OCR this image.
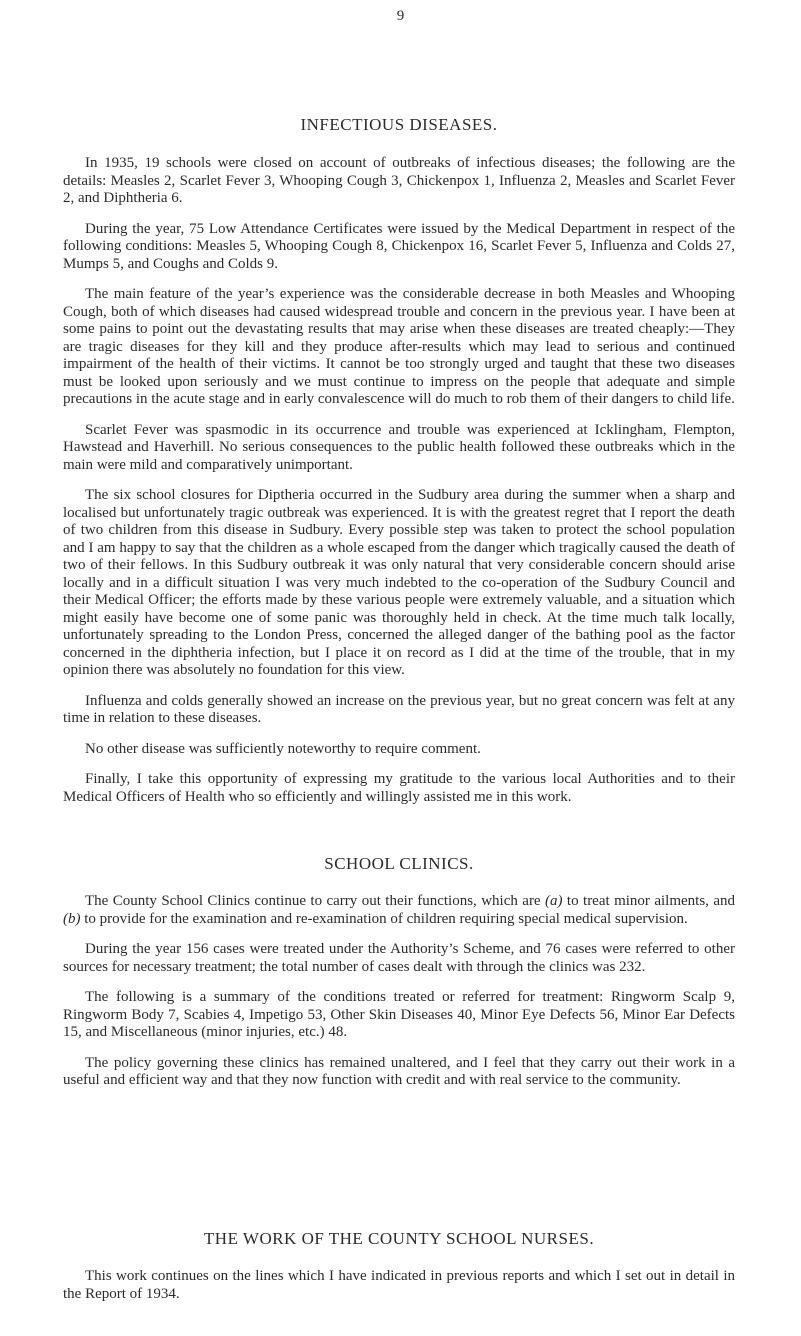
9
INFECTIOUS DISEASES.

In 1935, 19 schools were closed on account of outbreaks of infectious diseases; the following are the details: Measles 2, Scarlet Fever 3, Whooping Cough 3, Chickenpox 1, Influenza 2, Measles and Scarlet Fever 2, and Diphtheria 6.

During the year, 75 Low Attendance Certificates were issued by the Medical Department in respect of the following conditions: Measles 5, Whooping Cough 8, Chickenpox 16, Scarlet Fever 5, Influenza and Colds 27, Mumps 5, and Coughs and Colds 9.

The main feature of the year’s experience was the considerable decrease in both Measles and Whooping Cough, both of which diseases had caused widespread trouble and concern in the previous year. I have been at some pains to point out the devastating results that may arise when these diseases are treated cheaply:—They are tragic diseases for they kill and they produce after-results which may lead to serious and continued impairment of the health of their victims. It cannot be too strongly urged and taught that these two diseases must be looked upon seriously and we must continue to impress on the people that adequate and simple precautions in the acute stage and in early convalescence will do much to rob them of their dangers to child life.

Scarlet Fever was spasmodic in its occurrence and trouble was experienced at Icklingham, Flempton, Hawstead and Haverhill. No serious consequences to the public health followed these outbreaks which in the main were mild and comparatively unimportant.

The six school closures for Diptheria occurred in the Sudbury area during the summer when a sharp and localised but unfortunately tragic outbreak was experienced. It is with the greatest regret that I report the death of two children from this disease in Sudbury. Every possible step was taken to protect the school population and I am happy to say that the children as a whole escaped from the danger which tragically caused the death of two of their fellows. In this Sudbury outbreak it was only natural that very considerable concern should arise locally and in a difficult situation I was very much indebted to the co-operation of the Sudbury Council and their Medical Officer; the efforts made by these various people were extremely valuable, and a situation which might easily have become one of some panic was thoroughly held in check. At the time much talk locally, unfortunately spreading to the London Press, concerned the alleged danger of the bathing pool as the factor concerned in the diphtheria infection, but I place it on record as I did at the time of the trouble, that in my opinion there was absolutely no foundation for this view.

Influenza and colds generally showed an increase on the previous year, but no great concern was felt at any time in relation to these diseases.

No other disease was sufficiently noteworthy to require comment.

Finally, I take this opportunity of expressing my gratitude to the various local Authorities and to their Medical Officers of Health who so efficiently and willingly assisted me in this work.

SCHOOL CLINICS.

The County School Clinics continue to carry out their functions, which are (a) to treat minor ailments, and (b) to provide for the examination and re-examination of children requiring special medical supervision.

During the year 156 cases were treated under the Authority’s Scheme, and 76 cases were referred to other sources for necessary treatment; the total number of cases dealt with through the clinics was 232.

The following is a summary of the conditions treated or referred for treatment: Ringworm Scalp 9, Ringworm Body 7, Scabies 4, Impetigo 53, Other Skin Diseases 40, Minor Eye Defects 56, Minor Ear Defects 15, and Miscellaneous (minor injuries, etc.) 48.

The policy governing these clinics has remained unaltered, and I feel that they carry out their work in a useful and efficient way and that they now function with credit and with real service to the community.

THE WORK OF THE COUNTY SCHOOL NURSES.

This work continues on the lines which I have indicated in previous reports and which I set out in detail in the Report of 1934.
